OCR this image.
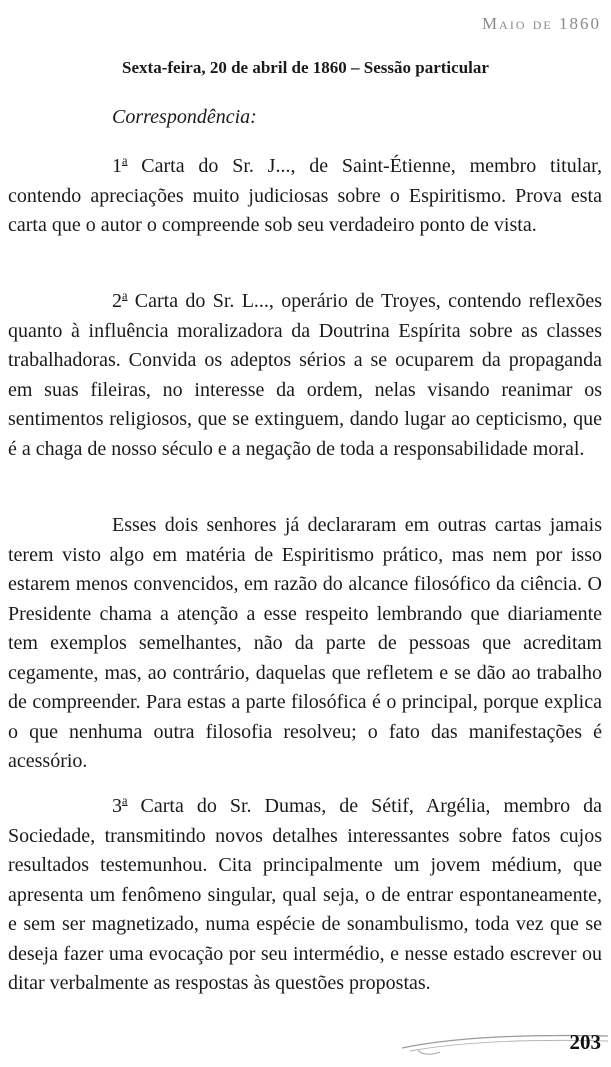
Maio de 1860
Sexta-feira, 20 de abril de 1860 – Sessão particular
Correspondência:

1$^a$ Carta do Sr. J..., de Saint-Étienne, membro titular, contendo apreciações muito judiciosas sobre o Espiritismo. Prova esta carta que o autor o compreende sob seu verdadeiro ponto de vista.

2$^a$ Carta do Sr. L..., operário de Troyes, contendo reflexões quanto à influência moralizadora da Doutrina Espírita sobre as classes trabalhadoras. Convida os adeptos sérios a se ocuparem da propaganda em suas fileiras, no interesse da ordem, nelas visando reanimar os sentimentos religiosos, que se extinguem, dando lugar ao cepticismo, que é a chaga de nosso século e a negação de toda a responsabilidade moral.

Esses dois senhores já declararam em outras cartas jamais terem visto algo em matéria de Espiritismo prático, mas nem por isso estarem menos convencidos, em razão do alcance filosófico da ciência. O Presidente chama a atenção a esse respeito lembrando que diariamente tem exemplos semelhantes, não da parte de pessoas que acreditam cegamente, mas, ao contrário, daquelas que refletem e se dão ao trabalho de compreender. Para estas a parte filosófica é o principal, porque explica o que nenhuma outra filosofia resolveu; o fato das manifestações é acessório.

3$^a$ Carta do Sr. Dumas, de Sétif, Argélia, membro da Sociedade, transmitindo novos detalhes interessantes sobre fatos cujos resultados testemunhou. Cita principalmente um jovem médium, que apresenta um fenômeno singular, qual seja, o de entrar espontaneamente, e sem ser magnetizado, numa espécie de sonambulismo, toda vez que se deseja fazer uma evocação por seu intermédio, e nesse estado escrever ou ditar verbalmente as respostas às questões propostas.

203
